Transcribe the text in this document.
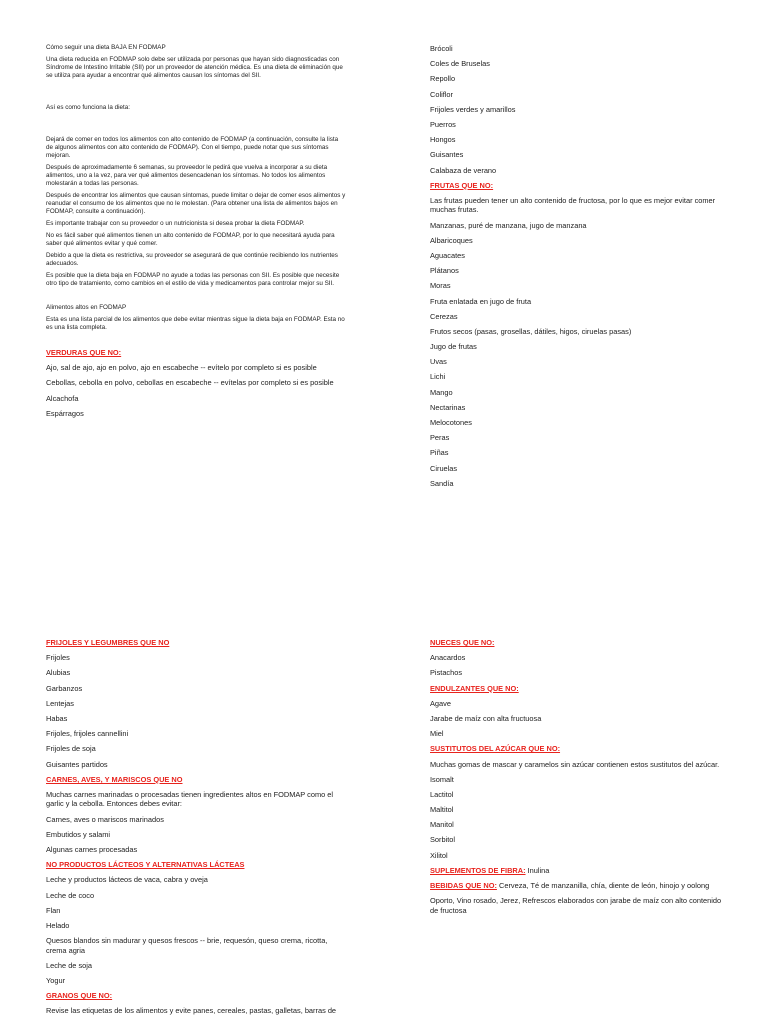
Cómo seguir una dieta BAJA EN FODMAP

Una dieta reducida en FODMAP solo debe ser utilizada por personas que hayan sido diagnosticadas con Síndrome de Intestino Irritable (SII) por un proveedor de atención médica. Es una dieta de eliminación que se utiliza para ayudar a encontrar qué alimentos causan los síntomas del SII.

Así es como funciona la dieta:

Dejará de comer en todos los alimentos con alto contenido de FODMAP (a continuación, consulte la lista de algunos alimentos con alto contenido de FODMAP). Con el tiempo, puede notar que sus síntomas mejoran.

Después de aproximadamente 6 semanas, su proveedor le pedirá que vuelva a incorporar a su dieta alimentos, uno a la vez, para ver qué alimentos desencadenan los síntomas. No todos los alimentos molestarán a todas las personas.

Después de encontrar los alimentos que causan síntomas, puede limitar o dejar de comer esos alimentos y reanudar el consumo de los alimentos que no le molestan. (Para obtener una lista de alimentos bajos en FODMAP, consulte a continuación).

Es importante trabajar con su proveedor o un nutricionista si desea probar la dieta FODMAP.

No es fácil saber qué alimentos tienen un alto contenido de FODMAP, por lo que necesitará ayuda para saber qué alimentos evitar y qué comer.

Debido a que la dieta es restrictiva, su proveedor se asegurará de que continúe recibiendo los nutrientes adecuados.

Es posible que la dieta baja en FODMAP no ayude a todas las personas con SII. Es posible que necesite otro tipo de tratamiento, como cambios en el estilo de vida y medicamentos para controlar mejor su SII.

Alimentos altos en FODMAP

Esta es una lista parcial de los alimentos que debe evitar mientras sigue la dieta baja en FODMAP. Esta no es una lista completa.

VERDURAS QUE NO:

Ajo, sal de ajo, ajo en polvo, ajo en escabeche -- evítelo por completo si es posible

Cebollas, cebolla en polvo, cebollas en escabeche -- evítelas por completo si es posible

Alcachofa

Espárragos

Brócoli

Coles de Bruselas

Repollo

Coliflor

Frijoles verdes y amarillos

Puerros

Hongos

Guisantes

Calabaza de verano

FRUTAS QUE NO:

Las frutas pueden tener un alto contenido de fructosa, por lo que es mejor evitar comer muchas frutas.

Manzanas, puré de manzana, jugo de manzana

Albaricoques

Aguacates

Plátanos

Moras

Fruta enlatada en jugo de fruta

Cerezas

Frutos secos (pasas, grosellas, dátiles, higos, ciruelas pasas)

Jugo de frutas

Uvas

Lichi

Mango

Nectarinas

Melocotones

Peras

Piñas

Ciruelas

Sandía

FRIJOLES Y LEGUMBRES QUE NO

Frijoles

Alubias

Garbanzos

Lentejas

Habas

Frijoles, frijoles cannellini

Frijoles de soja

Guisantes partidos

CARNES, AVES, Y MARISCOS QUE NO

Muchas carnes marinadas o procesadas tienen ingredientes altos en FODMAP como el garlic y la cebolla. Entonces debes evitar:

Carnes, aves o mariscos marinados

Embutidos y salami

Algunas carnes procesadas

NO PRODUCTOS LÁCTEOS Y ALTERNATIVAS LÁCTEAS

Leche y productos lácteos de vaca, cabra y oveja

Leche de coco

Flan

Helado

Quesos blandos sin madurar y quesos frescos -- brie, requesón, queso crema, ricotta, crema agria

Leche de soja

Yogur

GRANOS QUE NO:

Revise las etiquetas de los alimentos y evite panes, cereales, pastas, galletas, barras de

NUECES QUE NO:

Anacardos

Pistachos

ENDULZANTES QUE NO:

Agave

Jarabe de maíz con alta fructuosa

Miel

SUSTITUTOS DEL AZÚCAR QUE NO:

Muchas gomas de mascar y caramelos sin azúcar contienen estos sustitutos del azúcar.

Isomalt

Lactitol

Maltitol

Manitol

Sorbitol

Xilitol

SUPLEMENTOS DE FIBRA: Inulina

BEBIDAS QUE NO: Cerveza, Té de manzanilla, chía, diente de león, hinojo y oolong

Oporto, Vino rosado, Jerez, Refrescos elaborados con jarabe de maíz con alto contenido de fructosa
